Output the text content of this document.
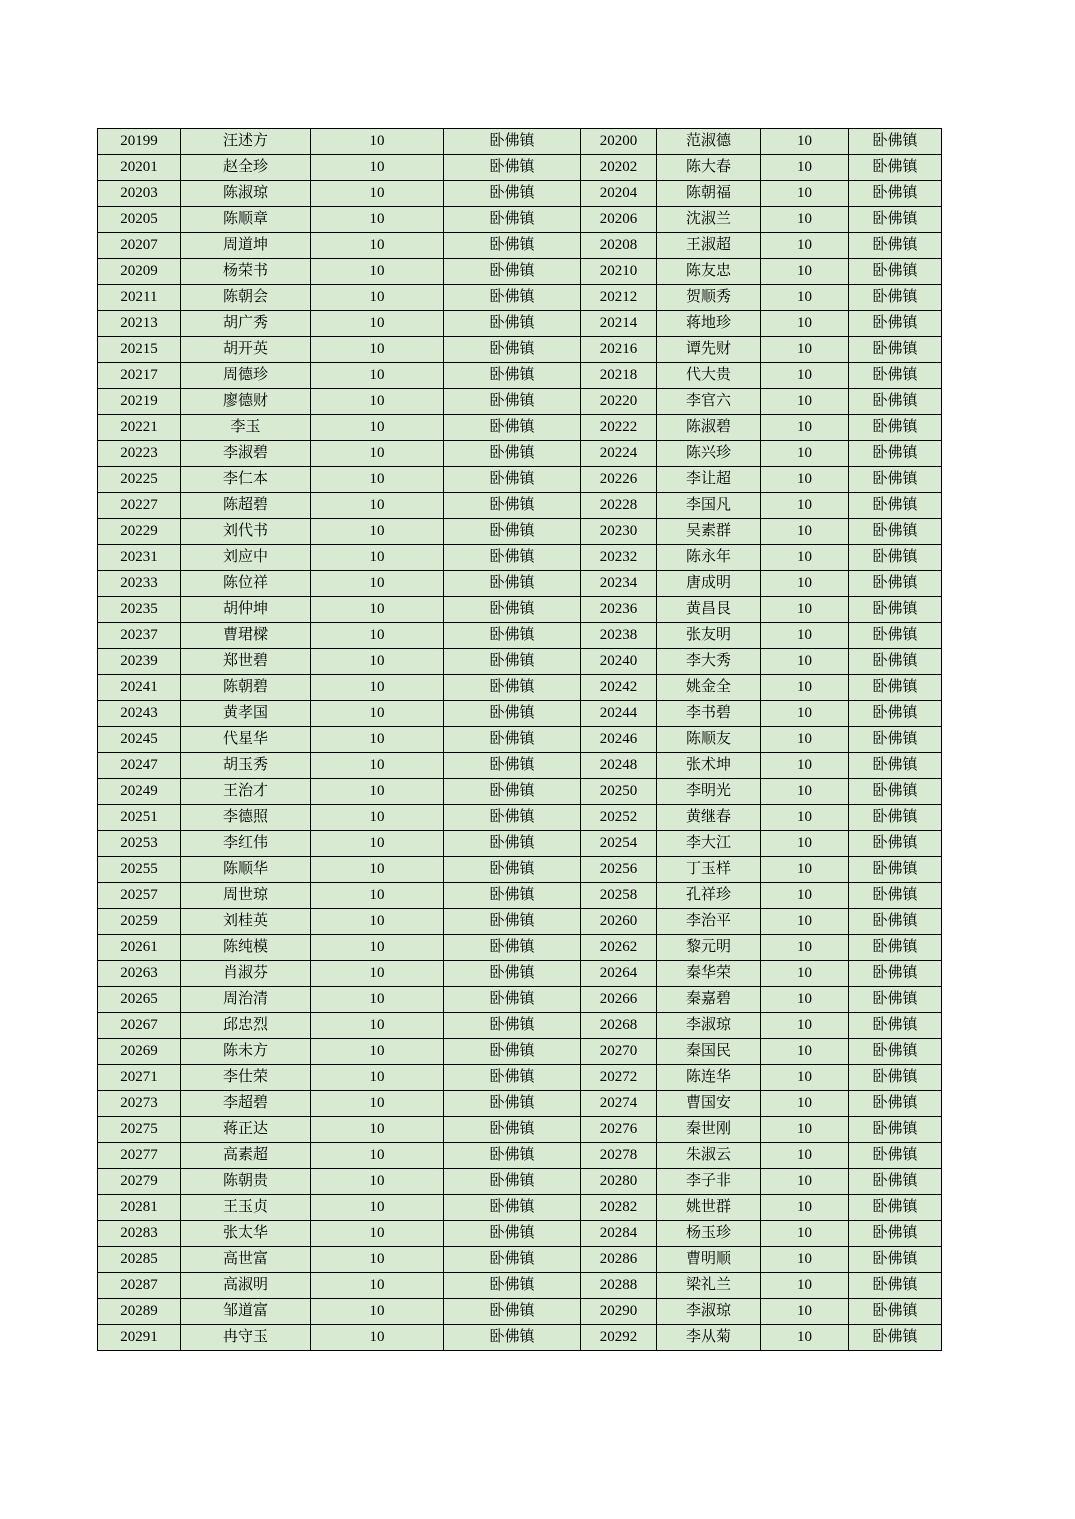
20199	汪述方	10	卧佛镇	20200	范淑德	10	卧佛镇
20201	赵全珍	10	卧佛镇	20202	陈大春	10	卧佛镇
20203	陈淑琼	10	卧佛镇	20204	陈朝福	10	卧佛镇
20205	陈顺章	10	卧佛镇	20206	沈淑兰	10	卧佛镇
20207	周道坤	10	卧佛镇	20208	王淑超	10	卧佛镇
20209	杨荣书	10	卧佛镇	20210	陈友忠	10	卧佛镇
20211	陈朝会	10	卧佛镇	20212	贺顺秀	10	卧佛镇
20213	胡广秀	10	卧佛镇	20214	蒋地珍	10	卧佛镇
20215	胡开英	10	卧佛镇	20216	谭先财	10	卧佛镇
20217	周德珍	10	卧佛镇	20218	代大贵	10	卧佛镇
20219	廖德财	10	卧佛镇	20220	李官六	10	卧佛镇
20221	李玉	10	卧佛镇	20222	陈淑碧	10	卧佛镇
20223	李淑碧	10	卧佛镇	20224	陈兴珍	10	卧佛镇
20225	李仁本	10	卧佛镇	20226	李让超	10	卧佛镇
20227	陈超碧	10	卧佛镇	20228	李国凡	10	卧佛镇
20229	刘代书	10	卧佛镇	20230	吴素群	10	卧佛镇
20231	刘应中	10	卧佛镇	20232	陈永年	10	卧佛镇
20233	陈位祥	10	卧佛镇	20234	唐成明	10	卧佛镇
20235	胡仲坤	10	卧佛镇	20236	黄昌艮	10	卧佛镇
20237	曹珺樑	10	卧佛镇	20238	张友明	10	卧佛镇
20239	郑世碧	10	卧佛镇	20240	李大秀	10	卧佛镇
20241	陈朝碧	10	卧佛镇	20242	姚金全	10	卧佛镇
20243	黄孝国	10	卧佛镇	20244	李书碧	10	卧佛镇
20245	代星华	10	卧佛镇	20246	陈顺友	10	卧佛镇
20247	胡玉秀	10	卧佛镇	20248	张术坤	10	卧佛镇
20249	王治才	10	卧佛镇	20250	李明光	10	卧佛镇
20251	李德照	10	卧佛镇	20252	黄继春	10	卧佛镇
20253	李红伟	10	卧佛镇	20254	李大江	10	卧佛镇
20255	陈顺华	10	卧佛镇	20256	丁玉样	10	卧佛镇
20257	周世琼	10	卧佛镇	20258	孔祥珍	10	卧佛镇
20259	刘桂英	10	卧佛镇	20260	李治平	10	卧佛镇
20261	陈纯模	10	卧佛镇	20262	黎元明	10	卧佛镇
20263	肖淑芬	10	卧佛镇	20264	秦华荣	10	卧佛镇
20265	周治清	10	卧佛镇	20266	秦嘉碧	10	卧佛镇
20267	邱忠烈	10	卧佛镇	20268	李淑琼	10	卧佛镇
20269	陈未方	10	卧佛镇	20270	秦国民	10	卧佛镇
20271	李仕荣	10	卧佛镇	20272	陈连华	10	卧佛镇
20273	李超碧	10	卧佛镇	20274	曹国安	10	卧佛镇
20275	蒋正达	10	卧佛镇	20276	秦世刚	10	卧佛镇
20277	高素超	10	卧佛镇	20278	朱淑云	10	卧佛镇
20279	陈朝贵	10	卧佛镇	20280	李子非	10	卧佛镇
20281	王玉贞	10	卧佛镇	20282	姚世群	10	卧佛镇
20283	张太华	10	卧佛镇	20284	杨玉珍	10	卧佛镇
20285	高世富	10	卧佛镇	20286	曹明顺	10	卧佛镇
20287	高淑明	10	卧佛镇	20288	梁礼兰	10	卧佛镇
20289	邹道富	10	卧佛镇	20290	李淑琼	10	卧佛镇
20291	冉守玉	10	卧佛镇	20292	李从菊	10	卧佛镇
